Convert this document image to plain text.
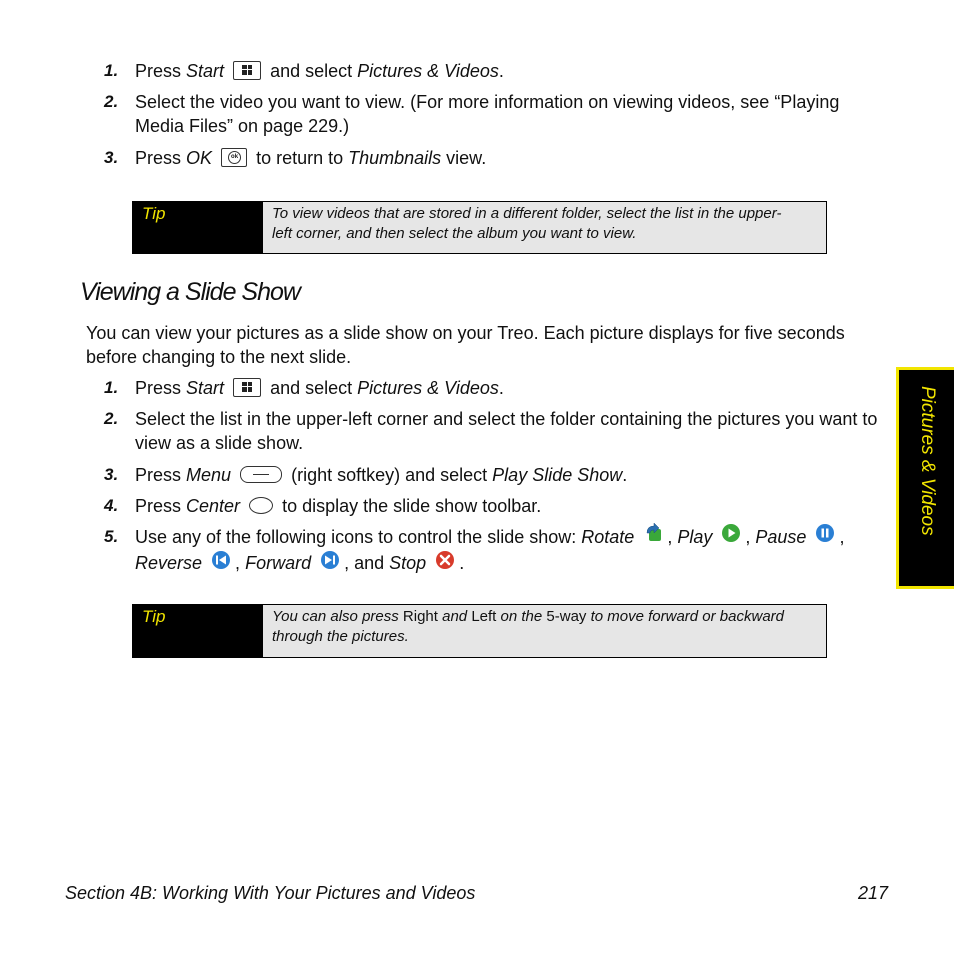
1. Press Start	and select Pictures & Videos.
2. Select the video you want to view. (For more information on viewing videos, see “Playing Media Files” on page 229.)
3. Press OK	ok to return to Thumbnails view.
Tip	To view videos that are stored in a different folder, select the list in the upper-left corner, and then select the album you want to view.
Viewing a Slide Show
You can view your pictures as a slide show on your Treo. Each picture displays for five seconds before changing to the next slide.
1. Press Start	and select Pictures & Videos.
2. Select the list in the upper-left corner and select the folder containing the pictures you want to view as a slide show.
3. Press Menu	(right softkey) and select Play Slide Show.
4. Press Center  to display the slide show toolbar.
5. Use any of the following icons to control the slide show: Rotate , Play , Pause ,
Reverse , Forward , and Stop .
Tip	You can also press Right and Left on the 5-way to move forward or backward through the pictures.
Pictures & Videos
Section 4B: Working With Your Pictures and Videos	217
